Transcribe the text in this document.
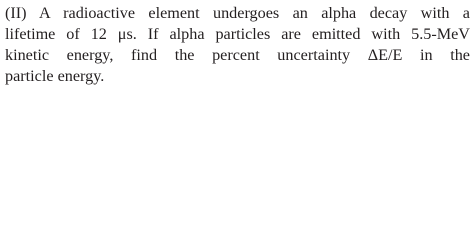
(II) A radioactive element undergoes an alpha decay with a
lifetime of 12 μs. If alpha particles are emitted with 5.5-MeV
kinetic energy, find the percent uncertainty ΔE/E in the
particle energy.
